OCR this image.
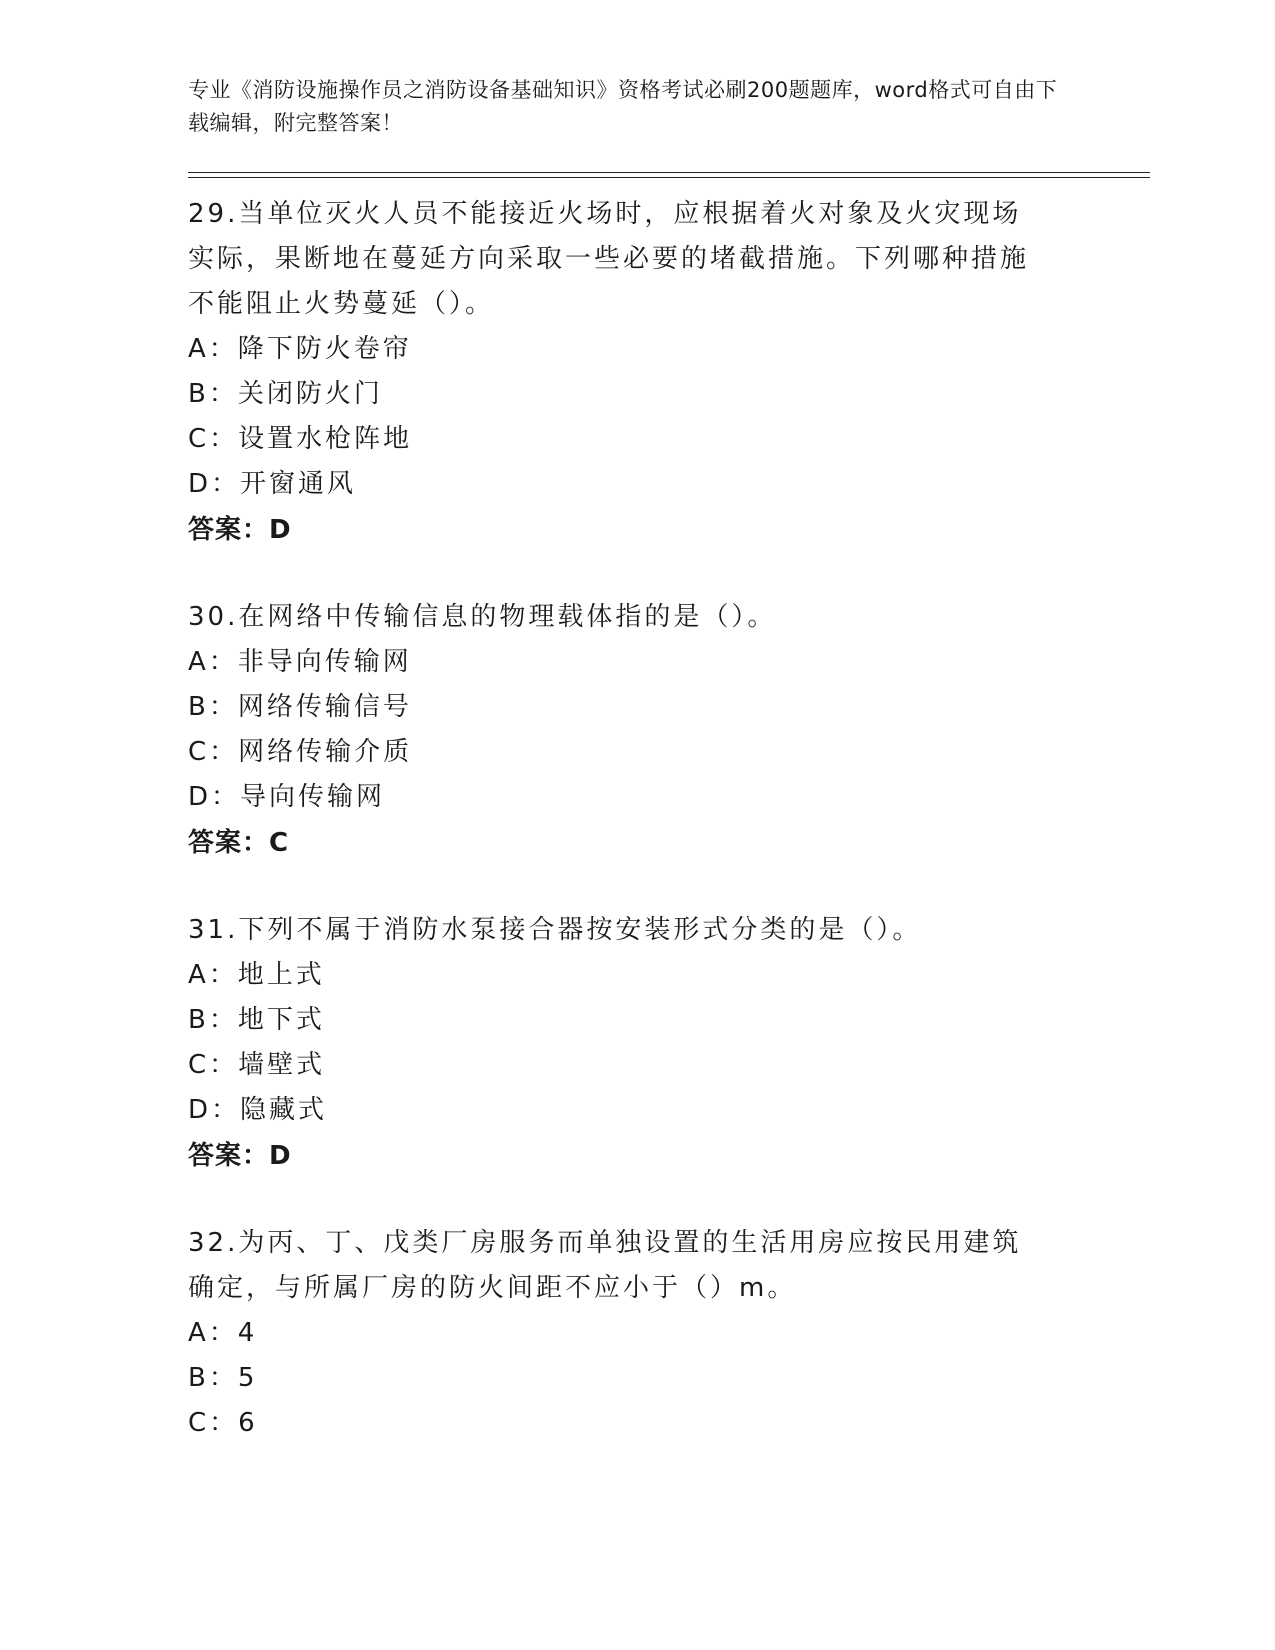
专业《消防设施操作员之消防设备基础知识》资格考试必刷200题题库，word格式可自由下载编辑，附完整答案！
29.当单位灭火人员不能接近火场时，应根据着火对象及火灾现场实际，果断地在蔓延方向采取一些必要的堵截措施。下列哪种措施不能阻止火势蔓延（）。
A：降下防火卷帘
B：关闭防火门
C：设置水枪阵地
D：开窗通风
答案：D
30.在网络中传输信息的物理载体指的是（）。
A：非导向传输网
B：网络传输信号
C：网络传输介质
D：导向传输网
答案：C
31.下列不属于消防水泵接合器按安装形式分类的是（）。
A：地上式
B：地下式
C：墙壁式
D：隐藏式
答案：D
32.为丙、丁、戊类厂房服务而单独设置的生活用房应按民用建筑确定，与所属厂房的防火间距不应小于（）m。
A：4
B：5
C：6
